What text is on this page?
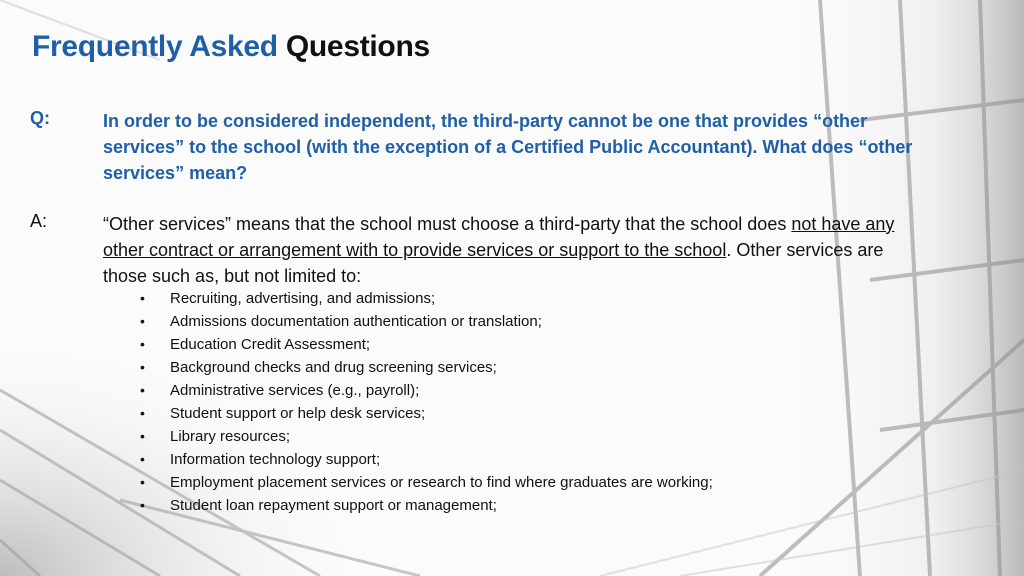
Frequently Asked Questions
Q:	In order to be considered independent, the third-party cannot be one that provides “other services” to the school (with the exception of a Certified Public Accountant). What does “other services” mean?

A:	“Other services” means that the school must choose a third-party that the school does not have any other contract or arrangement with to provide services or support to the school. Other services are those such as, but not limited to:

• Recruiting, advertising, and admissions;
• Admissions documentation authentication or translation;
• Education Credit Assessment;
• Background checks and drug screening services;
• Administrative services (e.g., payroll);
• Student support or help desk services;
• Library resources;
• Information technology support;
• Employment placement services or research to find where graduates are working;
• Student loan repayment support or management;
